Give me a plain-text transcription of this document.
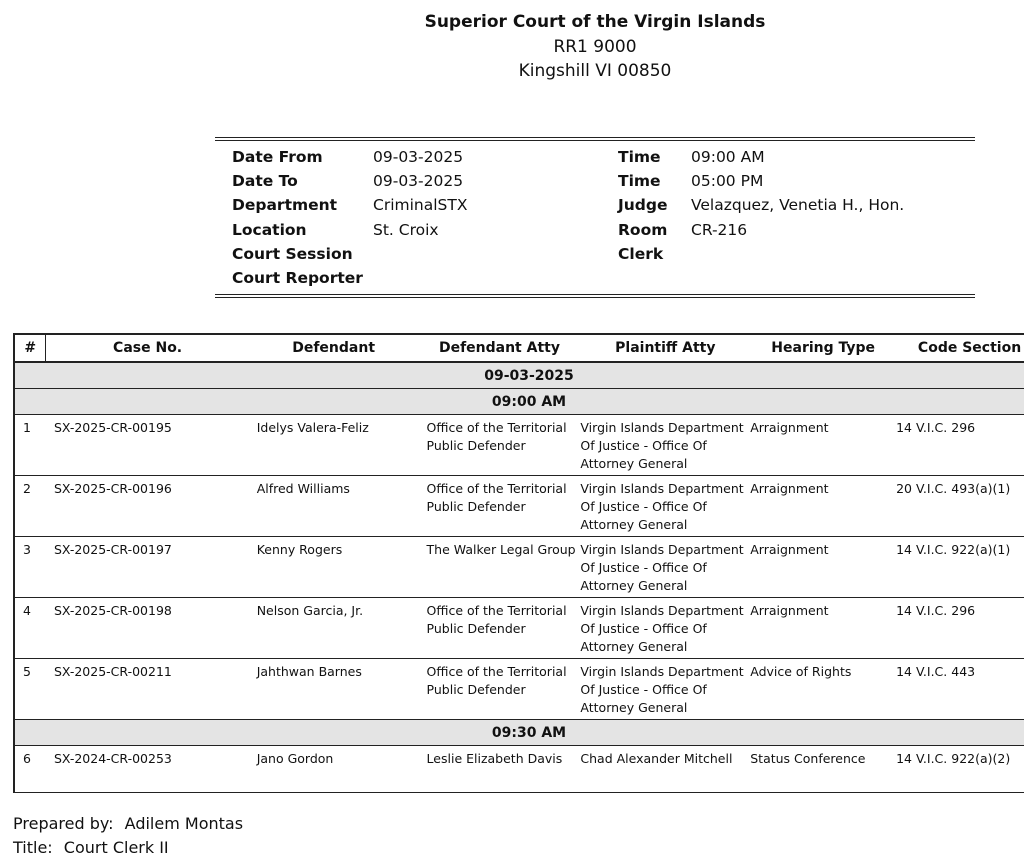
Superior Court of the Virgin Islands
RR1 9000
Kingshill VI 00850
Date From	09-03-2025	Time 09:00 AM
Date To	09-03-2025	Time 05:00 PM
Department CriminalSTX	Judge Velazquez, Venetia H., Hon.
Location	St. Croix	Room CR-216
Court Session	Clerk
Court Reporter
#	Case No.	Defendant	Defendant Atty	Plaintiff Atty	Hearing Type	Code Section
09-03-2025						
09:00 AM						
1	SX-2025-CR-00195	Idelys Valera-Feliz	Office of the Territorial Public Defender	Virgin Islands Department Of Justice - Office Of Attorney General	Arraignment	14 V.I.C. 296
2	SX-2025-CR-00196	Alfred Williams	Office of the Territorial Public Defender	Virgin Islands Department Of Justice - Office Of Attorney General	Arraignment	20 V.I.C. 493(a)(1)
3	SX-2025-CR-00197	Kenny Rogers	The Walker Legal Group	Virgin Islands Department Of Justice - Office Of Attorney General	Arraignment	14 V.I.C. 922(a)(1)
4	SX-2025-CR-00198	Nelson Garcia, Jr.	Office of the Territorial Public Defender	Virgin Islands Department Of Justice - Office Of Attorney General	Arraignment	14 V.I.C. 296
5	SX-2025-CR-00211	Jahthwan Barnes	Office of the Territorial Public Defender	Virgin Islands Department Of Justice - Office Of Attorney General	Advice of Rights	14 V.I.C. 443
09:30 AM						
6	SX-2024-CR-00253	Jano Gordon	Leslie Elizabeth Davis	Chad Alexander Mitchell	Status Conference	14 V.I.C. 922(a)(2)
Prepared by: Adilem Montas
Title: Court Clerk II
